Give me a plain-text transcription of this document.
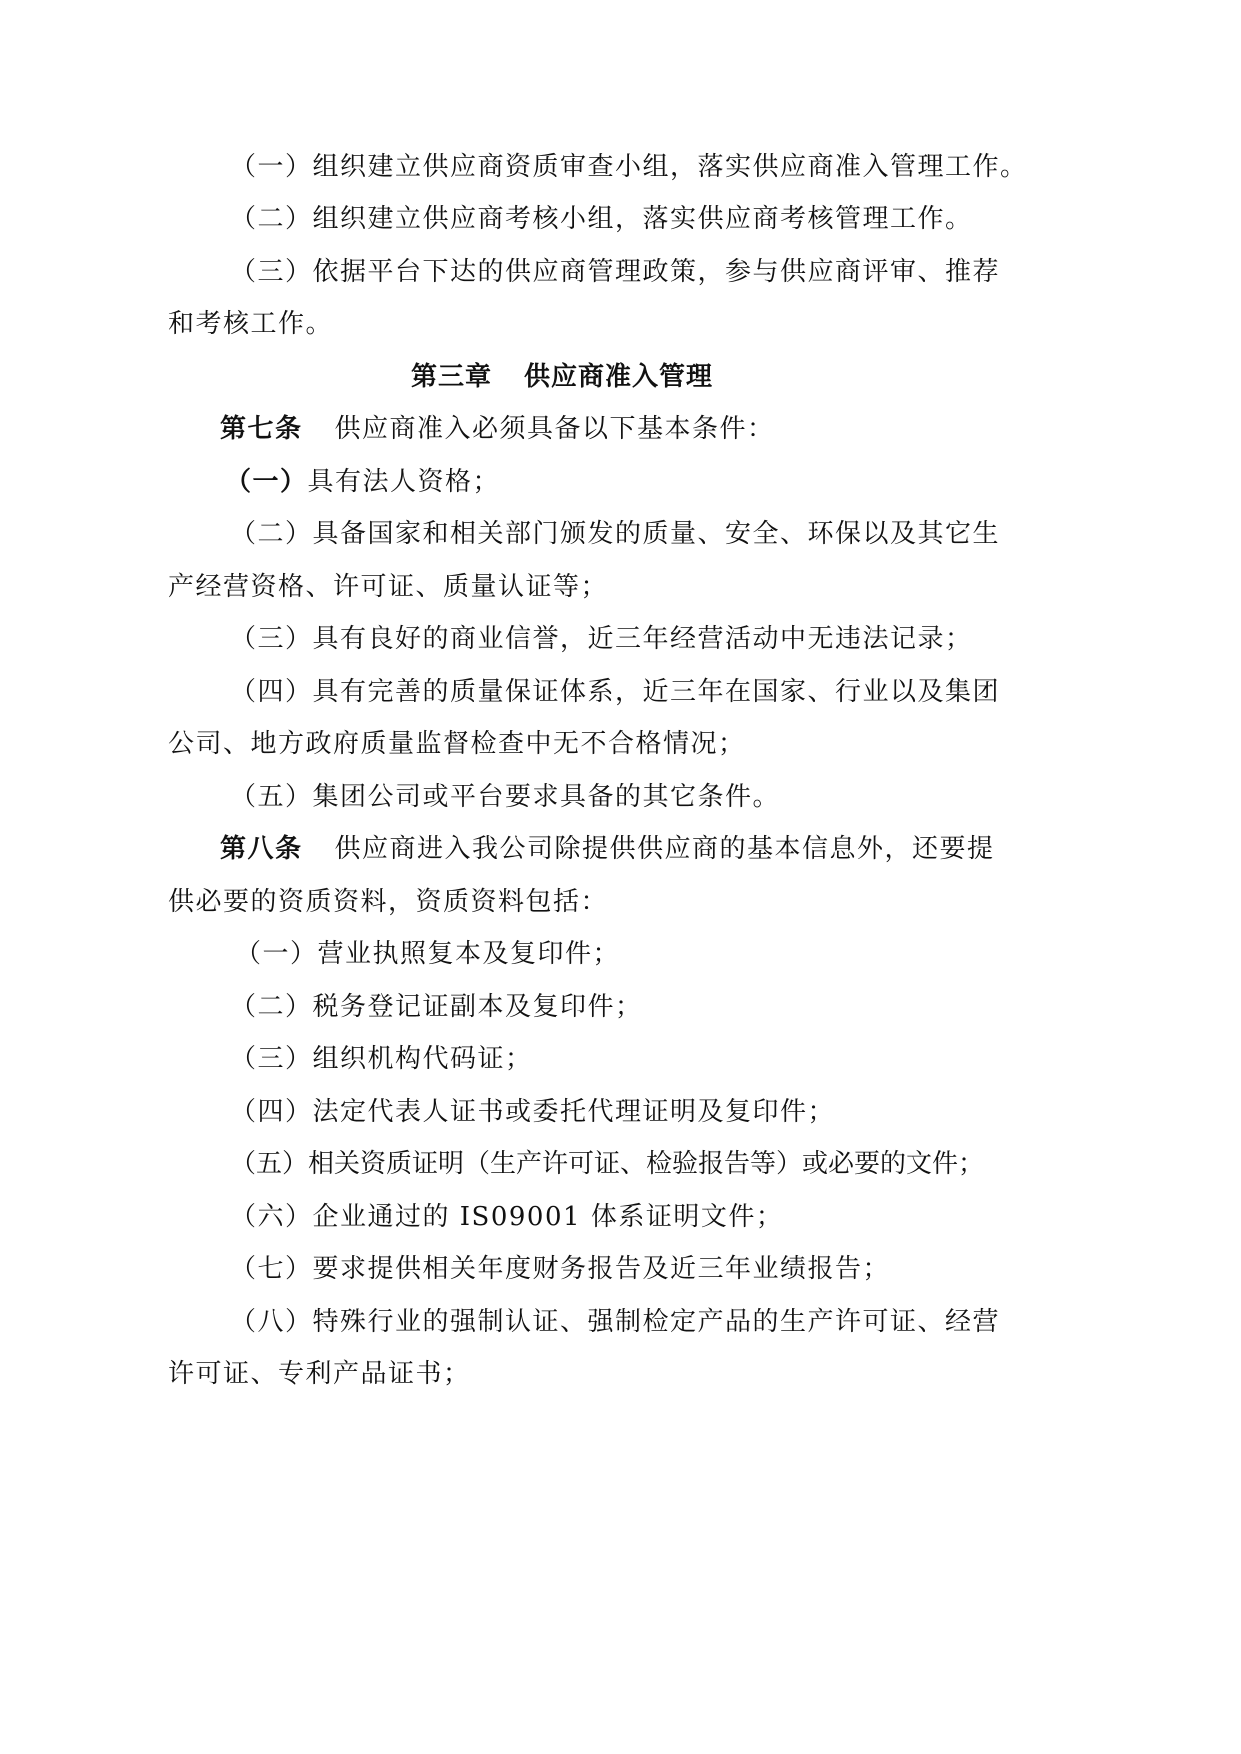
（一）组织建立供应商资质审查小组，落实供应商准入管理工作。
（二）组织建立供应商考核小组，落实供应商考核管理工作。
（三）依据平台下达的供应商管理政策，参与供应商评审、推荐
和考核工作。
第三章 供应商准入管理
第七条 供应商准入必须具备以下基本条件：
（一）具有法人资格；
（二）具备国家和相关部门颁发的质量、安全、环保以及其它生
产经营资格、许可证、质量认证等；
（三）具有良好的商业信誉，近三年经营活动中无违法记录；
（四）具有完善的质量保证体系，近三年在国家、行业以及集团
公司、地方政府质量监督检查中无不合格情况；
（五）集团公司或平台要求具备的其它条件。
第八条 供应商进入我公司除提供供应商的基本信息外，还要提
供必要的资质资料，资质资料包括：
（一）营业执照复本及复印件；
（二）税务登记证副本及复印件；
（三）组织机构代码证；
（四）法定代表人证书或委托代理证明及复印件；
（五）相关资质证明（生产许可证、检验报告等）或必要的文件；
（六）企业通过的 IS09001 体系证明文件；
（七）要求提供相关年度财务报告及近三年业绩报告；
（八）特殊行业的强制认证、强制检定产品的生产许可证、经营
许可证、专利产品证书；
